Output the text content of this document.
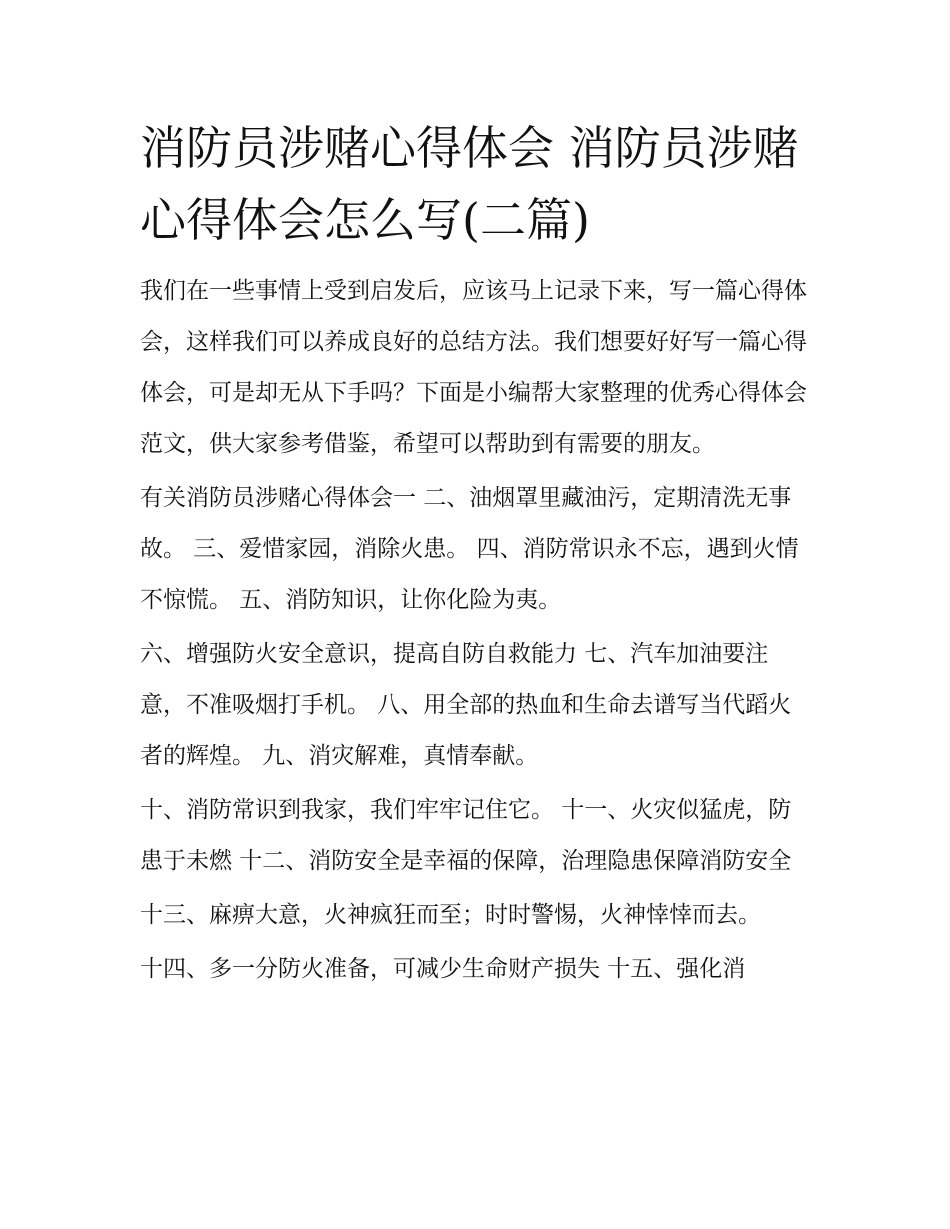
消防员涉赌心得体会 消防员涉赌心得体会怎么写(二篇)

我们在一些事情上受到启发后，应该马上记录下来，写一篇心得体会，这样我们可以养成良好的总结方法。我们想要好好写一篇心得体会，可是却无从下手吗？下面是小编帮大家整理的优秀心得体会范文，供大家参考借鉴，希望可以帮助到有需要的朋友。

有关消防员涉赌心得体会一 二、油烟罩里藏油污，定期清洗无事故。 三、爱惜家园，消除火患。 四、消防常识永不忘，遇到火情不惊慌。 五、消防知识，让你化险为夷。

六、增强防火安全意识，提高自防自救能力 七、汽车加油要注意，不准吸烟打手机。 八、用全部的热血和生命去谱写当代蹈火者的辉煌。 九、消灾解难，真情奉献。

十、消防常识到我家，我们牢牢记住它。 十一、火灾似猛虎，防患于未燃 十二、消防安全是幸福的保障，治理隐患保障消防安全

十三、麻痹大意，火神疯狂而至；时时警惕，火神悻悻而去。

十四、多一分防火准备，可减少生命财产损失 十五、强化消
